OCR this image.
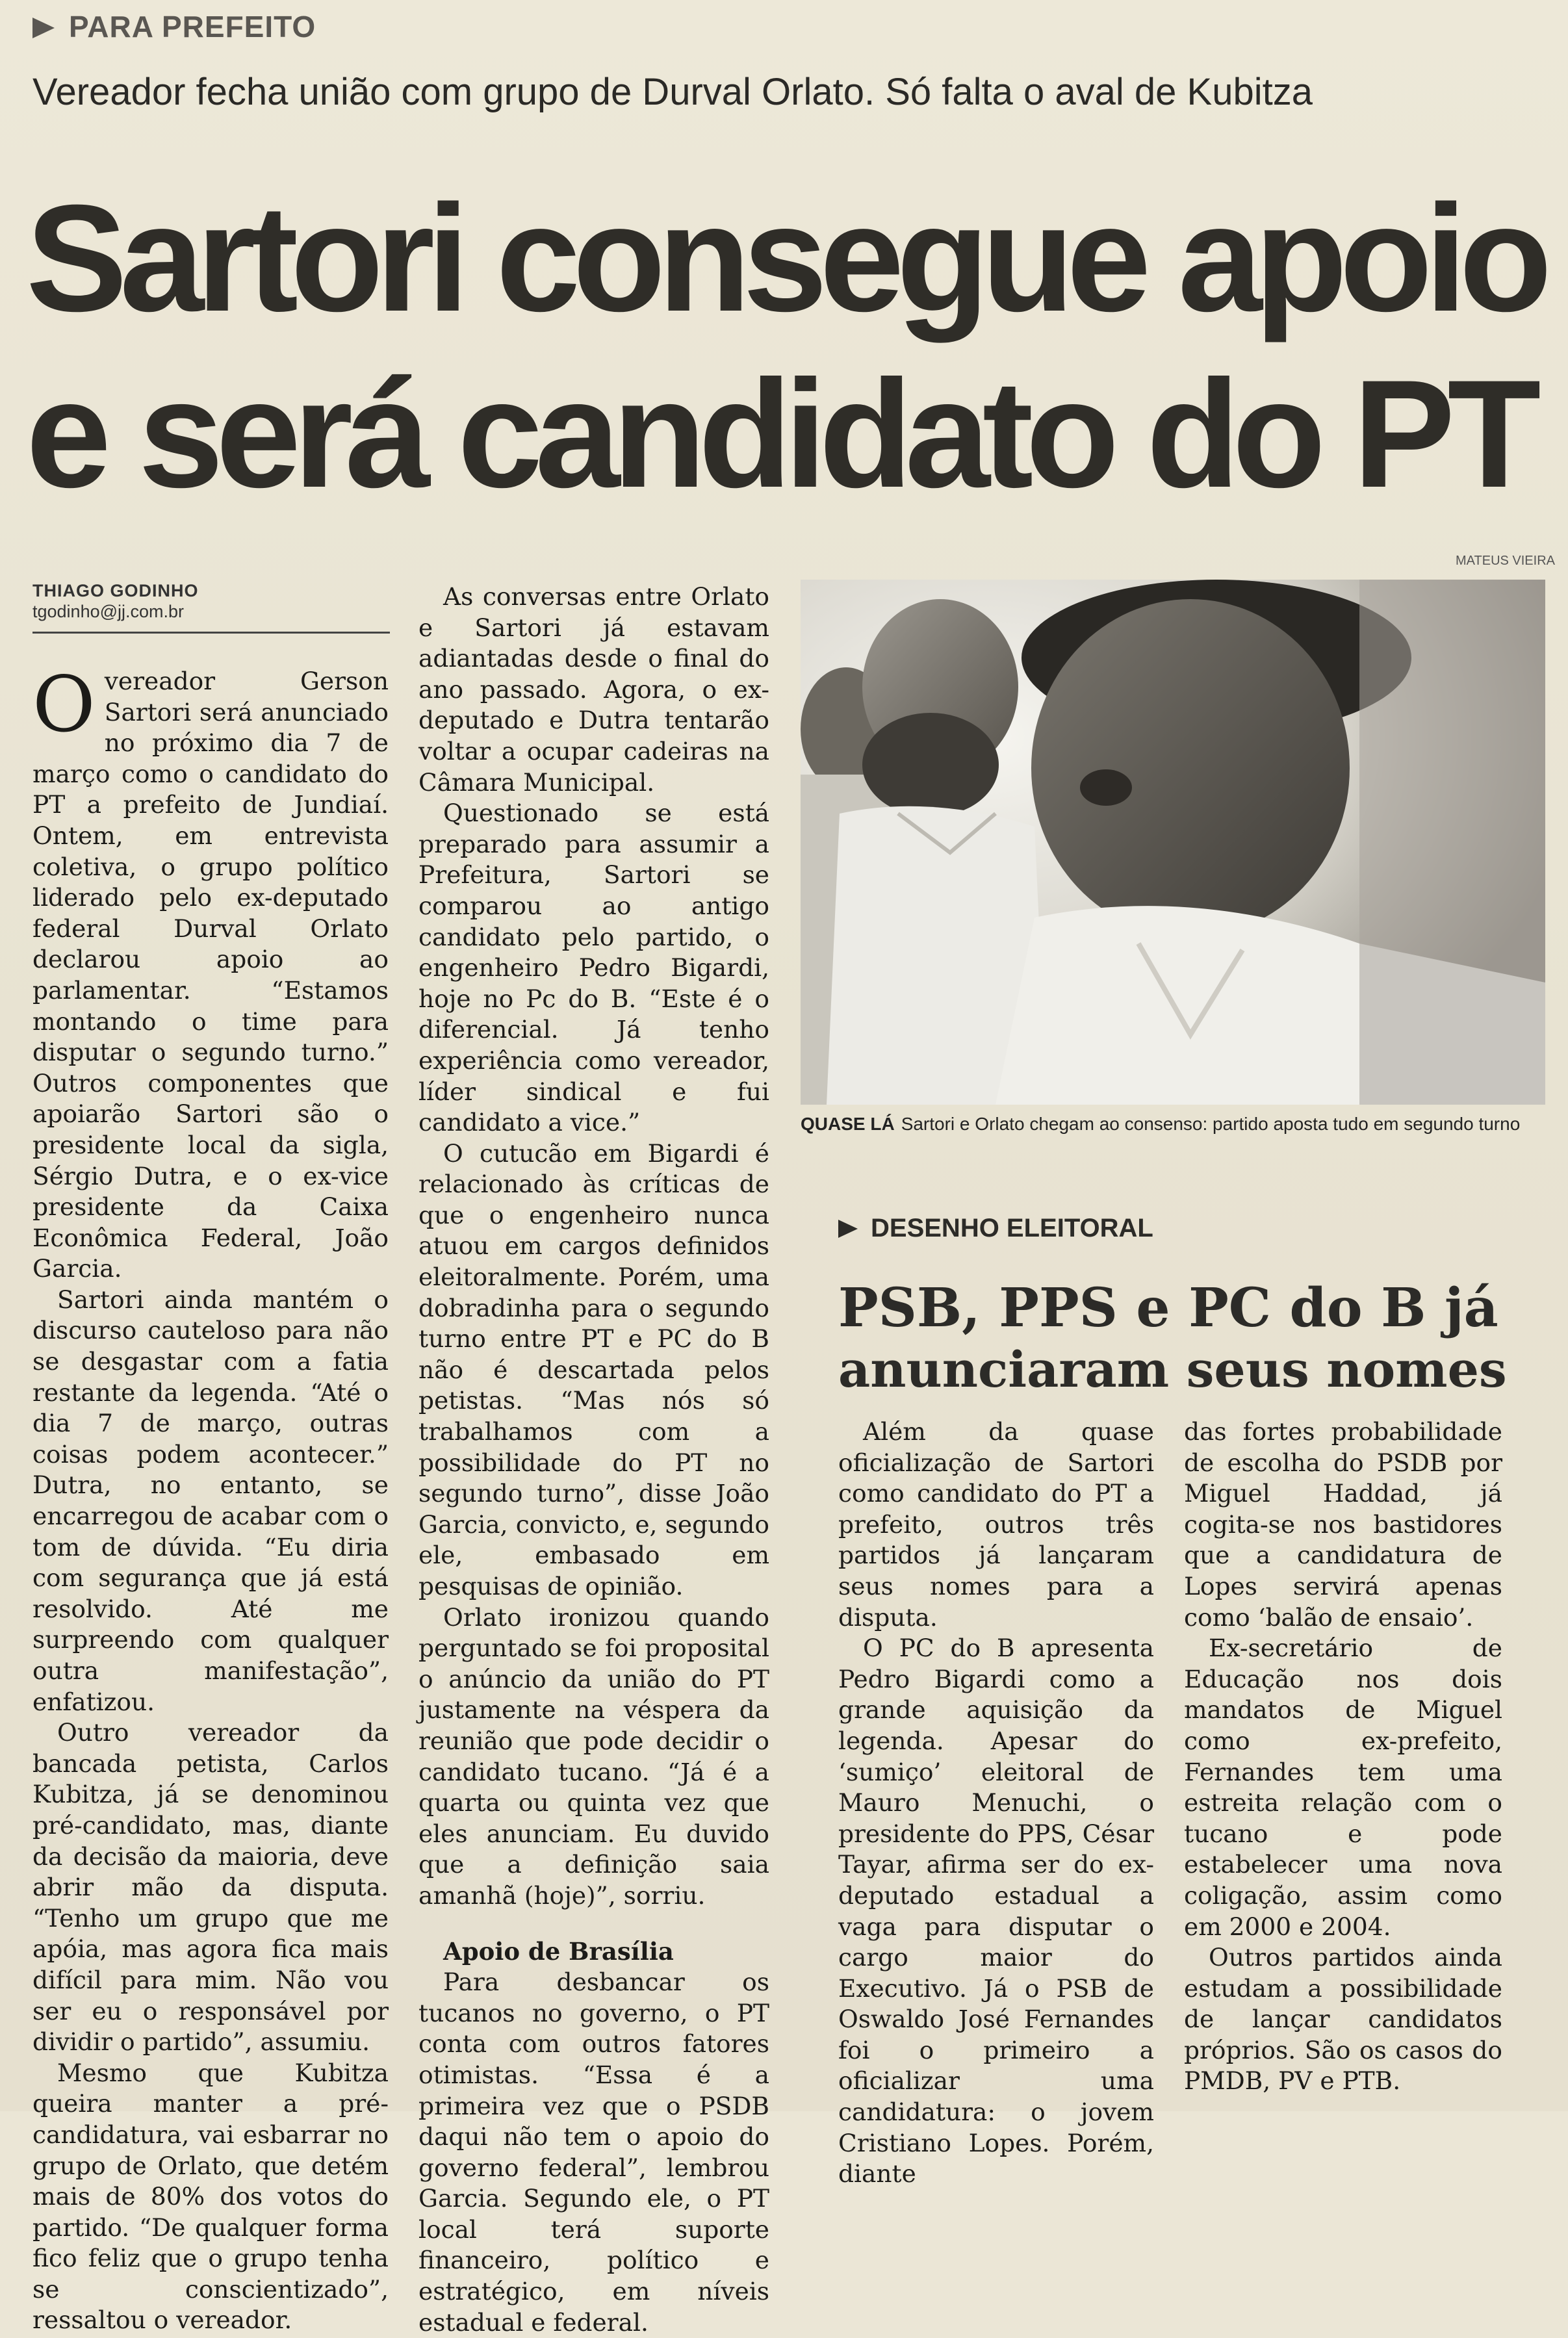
PARA PREFEITO
Vereador fecha união com grupo de Durval Orlato. Só falta o aval de Kubitza
Sartori consegue apoio
e será candidato do PT
THIAGO GODINHO
tgodinho@jj.com.br

Overeador Gerson Sartori será anunciado no próximo dia 7 de março como o candidato do PT a prefeito de Jundiaí. Ontem, em entrevista coletiva, o grupo político liderado pelo ex-deputado federal Durval Orlato declarou apoio ao parlamentar. “Estamos montando o time para disputar o segundo turno.” Outros componentes que apoiarão Sartori são o presidente local da sigla, Sérgio Dutra, e o ex-vice presidente da Caixa Econômica Federal, João Garcia.

Sartori ainda mantém o discurso cauteloso para não se desgastar com a fatia restante da legenda. “Até o dia 7 de março, outras coisas podem acontecer.” Dutra, no entanto, se encarregou de acabar com o tom de dúvida. “Eu diria com segurança que já está resolvido. Até me surpreendo com qualquer outra manifestação”, enfatizou.

Outro vereador da bancada petista, Carlos Kubitza, já se denominou pré-candidato, mas, diante da decisão da maioria, deve abrir mão da disputa. “Tenho um grupo que me apóia, mas agora fica mais difícil para mim. Não vou ser eu o responsável por dividir o partido”, assumiu.

Mesmo que Kubitza queira manter a pré-candidatura, vai esbarrar no grupo de Orlato, que detém mais de 80% dos votos do partido. “De qualquer forma fico feliz que o grupo tenha se conscientizado”, ressaltou o vereador.

As conversas entre Orlato e Sartori já estavam adiantadas desde o final do ano passado. Agora, o ex-deputado e Dutra tentarão voltar a ocupar cadeiras na Câmara Municipal.

Questionado se está preparado para assumir a Prefeitura, Sartori se comparou ao antigo candidato pelo partido, o engenheiro Pedro Bigardi, hoje no Pc do B. “Este é o diferencial. Já tenho experiência como vereador, líder sindical e fui candidato a vice.”

O cutucão em Bigardi é relacionado às críticas de que o engenheiro nunca atuou em cargos definidos eleitoralmente. Porém, uma dobradinha para o segundo turno entre PT e PC do B não é descartada pelos petistas. “Mas nós só trabalhamos com a possibilidade do PT no segundo turno”, disse João Garcia, convicto, e, segundo ele, embasado em pesquisas de opinião.

Orlato ironizou quando perguntado se foi proposital o anúncio da união do PT justamente na véspera da reunião que pode decidir o candidato tucano. “Já é a quarta ou quinta vez que eles anunciam. Eu duvido que a definição saia amanhã (hoje)”, sorriu.

Apoio de Brasília

Para desbancar os tucanos no governo, o PT conta com outros fatores otimistas. “Essa é a primeira vez que o PSDB daqui não tem o apoio do governo federal”, lembrou Garcia. Segundo ele, o PT local terá suporte financeiro, político e estratégico, em níveis estadual e federal.

MATEUS VIEIRA
QUASE LÁ Sartori e Orlato chegam ao consenso: partido aposta tudo em segundo turno
DESENHO ELEITORAL
PSB, PPS e PC do B já
anunciaram seus nomes

Além da quase oficialização de Sartori como candidato do PT a prefeito, outros três partidos já lançaram seus nomes para a disputa.

O PC do B apresenta Pedro Bigardi como a grande aquisição da legenda. Apesar do ‘sumiço’ eleitoral de Mauro Menuchi, o presidente do PPS, César Tayar, afirma ser do ex-deputado estadual a vaga para disputar o cargo maior do Executivo. Já o PSB de Oswaldo José Fernandes foi o primeiro a oficializar uma candidatura: o jovem Cristiano Lopes. Porém, diante

das fortes probabilidade de escolha do PSDB por Miguel Haddad, já cogita-se nos bastidores que a candidatura de Lopes servirá apenas como ‘balão de ensaio’.

Ex-secretário de Educação nos dois mandatos de Miguel como ex-prefeito, Fernandes tem uma estreita relação com o tucano e pode estabelecer uma nova coligação, assim como em 2000 e 2004.

Outros partidos ainda estudam a possibilidade de lançar candidatos próprios. São os casos do PMDB, PV e PTB.
